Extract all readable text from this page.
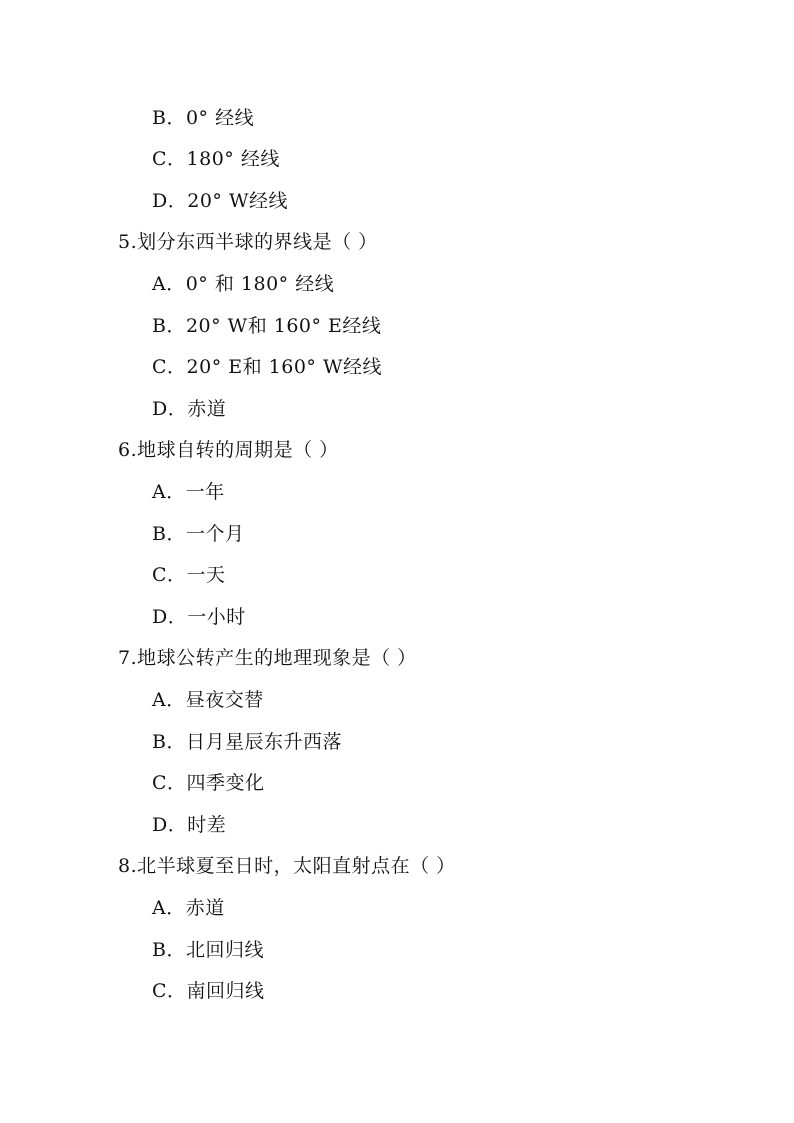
B．0° 经线
C．180° 经线
D．20° W经线
5.划分东西半球的界线是（ ）
A．0° 和 180° 经线
B．20° W和 160° E经线
C．20° E和 160° W经线
D．赤道
6.地球自转的周期是（ ）
A．一年
B．一个月
C．一天
D．一小时
7.地球公转产生的地理现象是（ ）
A．昼夜交替
B．日月星辰东升西落
C．四季变化
D．时差
8.北半球夏至日时，太阳直射点在（ ）
A．赤道
B．北回归线
C．南回归线
